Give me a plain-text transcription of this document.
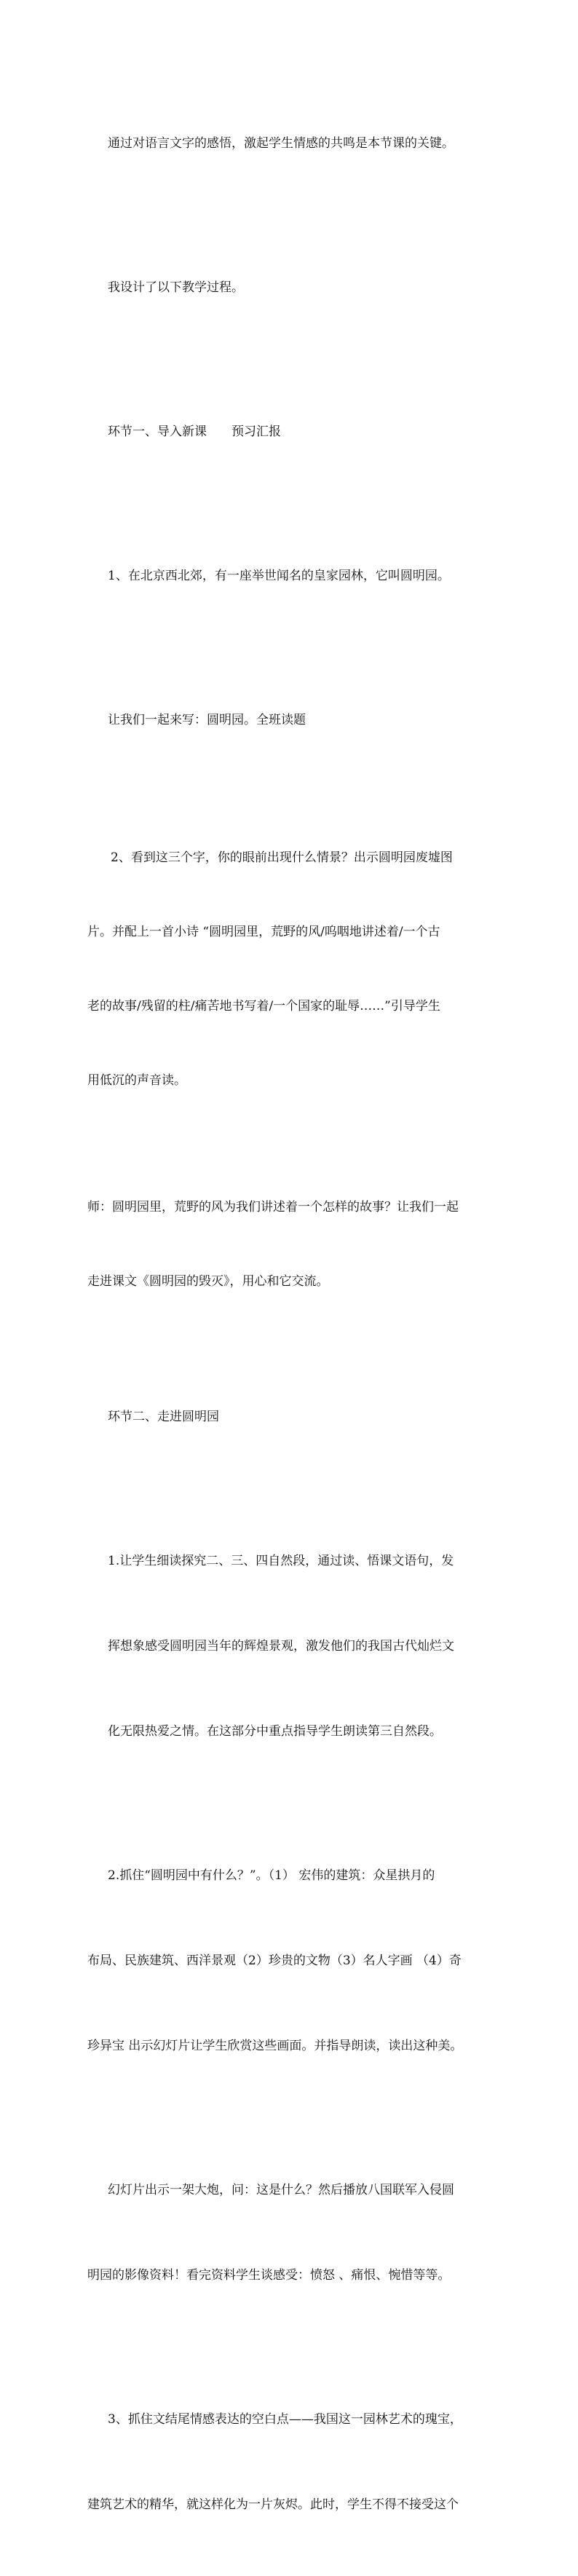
通过对语言文字的感悟，激起学生情感的共鸣是本节课的关键。

我设计了以下教学过程。

环节一、导入新课　　预习汇报

1、在北京西北郊，有一座举世闻名的皇家园林，它叫圆明园。

让我们一起来写：圆明园。全班读题

2、看到这三个字，你的眼前出现什么情景？出示圆明园废墟图

片。并配上一首小诗 “圆明园里，荒野的风/呜咽地讲述着/一个古

老的故事/残留的柱/痛苦地书写着/一个国家的耻辱……”引导学生

用低沉的声音读。

师：圆明园里，荒野的风为我们讲述着一个怎样的故事？让我们一起

走进课文《圆明园的毁灭》，用心和它交流。

环节二、走进圆明园

1.让学生细读探究二、三、四自然段，通过读、悟课文语句，发

挥想象感受圆明园当年的辉煌景观，激发他们的我国古代灿烂文

化无限热爱之情。在这部分中重点指导学生朗读第三自然段。

2.抓住“圆明园中有什么？”。（1） 宏伟的建筑：众星拱月的

布局、民族建筑、西洋景观（2）珍贵的文物（3）名人字画 （4）奇

珍异宝 出示幻灯片让学生欣赏这些画面。并指导朗读，读出这种美。

幻灯片出示一架大炮，问：这是什么？然后播放八国联军入侵圆

明园的影像资料！看完资料学生谈感受：愤怒 、痛恨、惋惜等等。

3、抓住文结尾情感表达的空白点——我国这一园林艺术的瑰宝，

建筑艺术的精华，就这样化为一片灰烬。此时，学生不得不接受这个
